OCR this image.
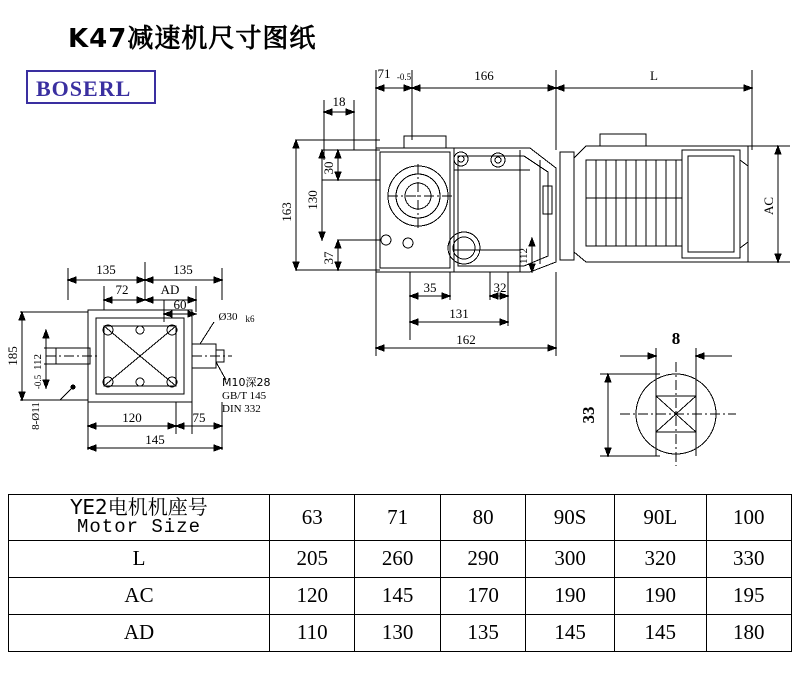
K47减速机尺寸图纸
BOSERL
71 -0.5	166	L
18
163
130
30
37
35	32
131
162
112
AC
135	135
72 AD
60
Ø30 k6
185 112
-0.5
8-Ø11	120	75
145
M10深28
GB/T 145
DIN 332
8
33
YE2电机机座号
Motor Size	63	71	80	90S	90L	100
L	205	260	290	300	320	330
AC	120	145	170	190	190	195
AD	110	130	135	145	145	180
